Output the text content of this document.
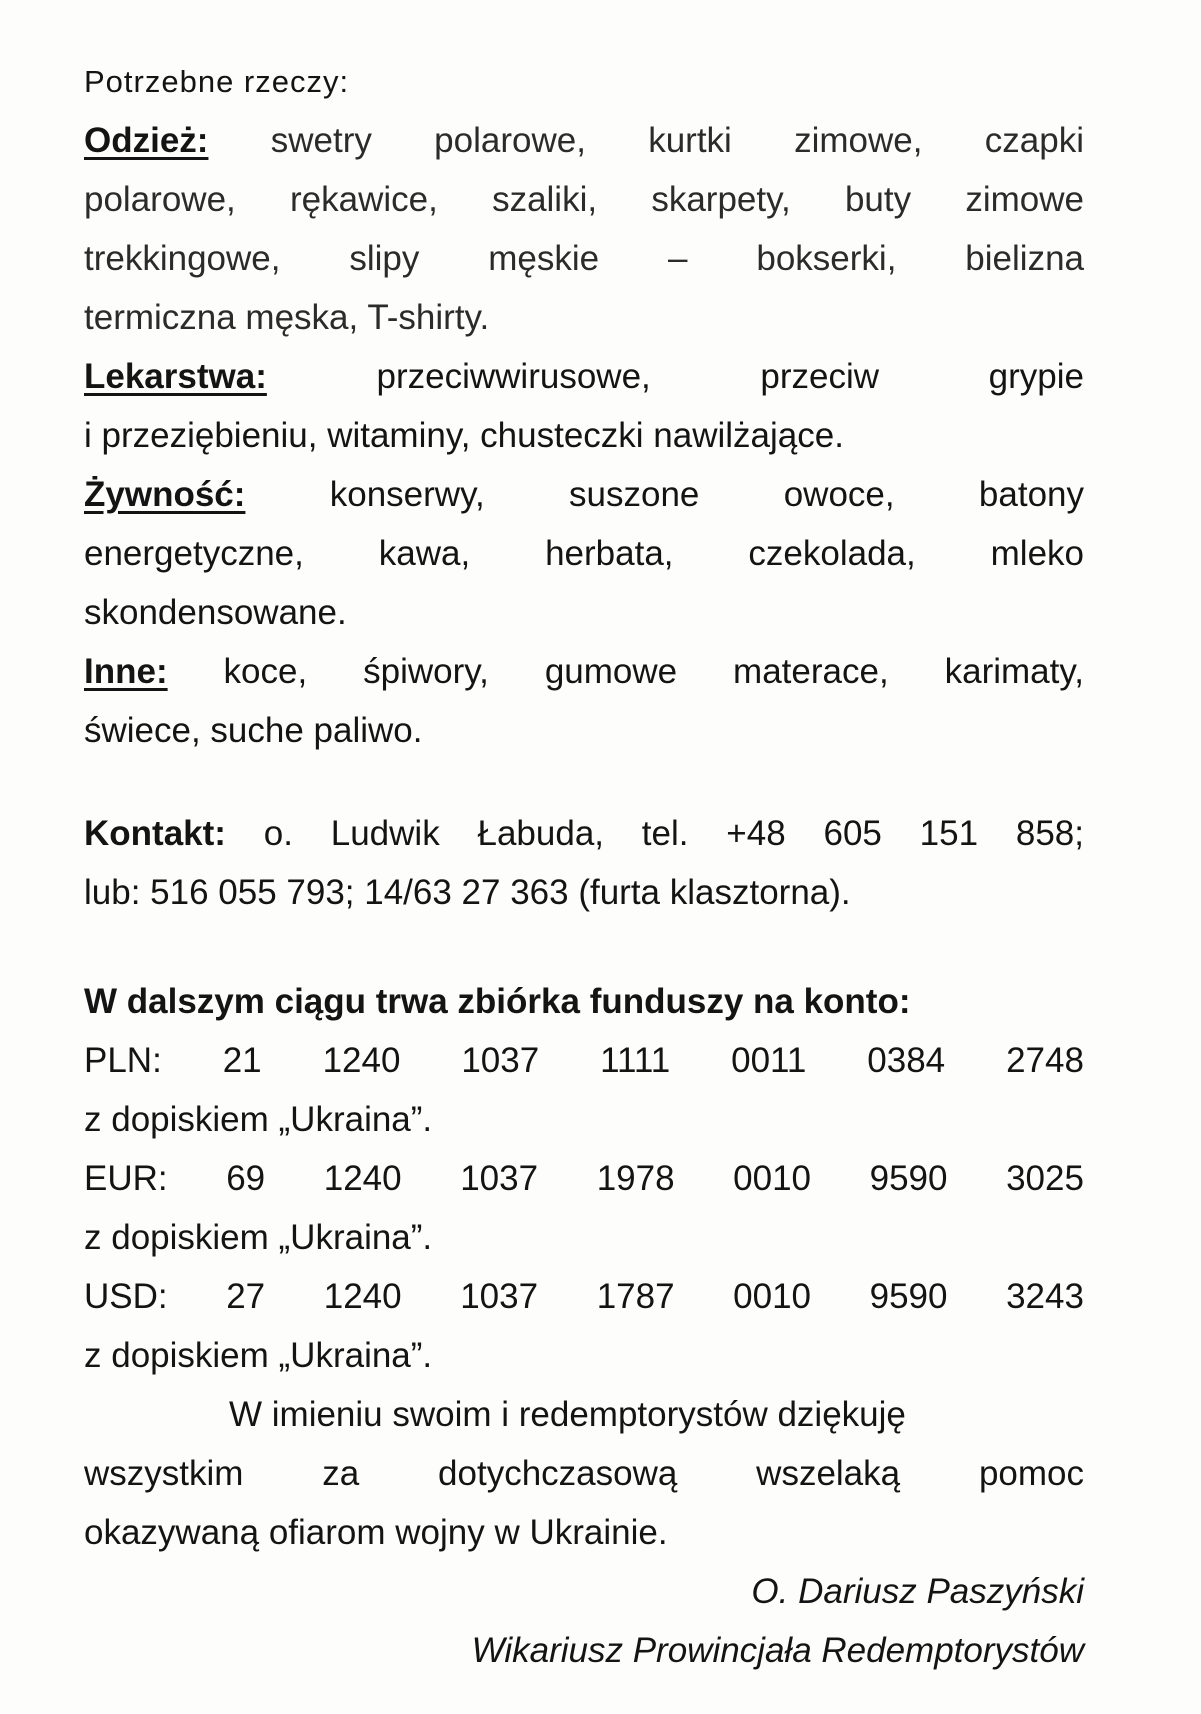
Potrzebne rzeczy:

Odzież: swetry polarowe, kurtki zimowe, czapki

polarowe, rękawice, szaliki, skarpety, buty zimowe

trekkingowe, slipy męskie – bokserki, bielizna

termiczna męska, T-shirty.

Lekarstwa:	przeciwwirusowe, przeciw grypie

i przeziębieniu, witaminy, chusteczki nawilżające.

Żywność: konserwy, suszone owoce, batony

energetyczne, kawa, herbata, czekolada, mleko

skondensowane.

Inne: koce, śpiwory, gumowe materace, karimaty,

świece, suche paliwo.

Kontakt: o. Ludwik Łabuda, tel. +48 605 151 858;

lub: 516 055 793; 14/63 27 363 (furta klasztorna).

W dalszym ciągu trwa zbiórka funduszy na konto:

PLN: 21 1240 1037 1111 0011 0384 2748

z dopiskiem „Ukraina”.

EUR: 69 1240 1037 1978 0010 9590 3025

z dopiskiem „Ukraina”.

USD: 27 1240 1037 1787 0010 9590 3243

z dopiskiem „Ukraina”.

W imieniu swoim i redemptorystów dziękuję

wszystkim za dotychczasową wszelaką pomoc

okazywaną ofiarom wojny w Ukrainie.

O. Dariusz Paszyński

Wikariusz Prowincjała Redemptorystów
